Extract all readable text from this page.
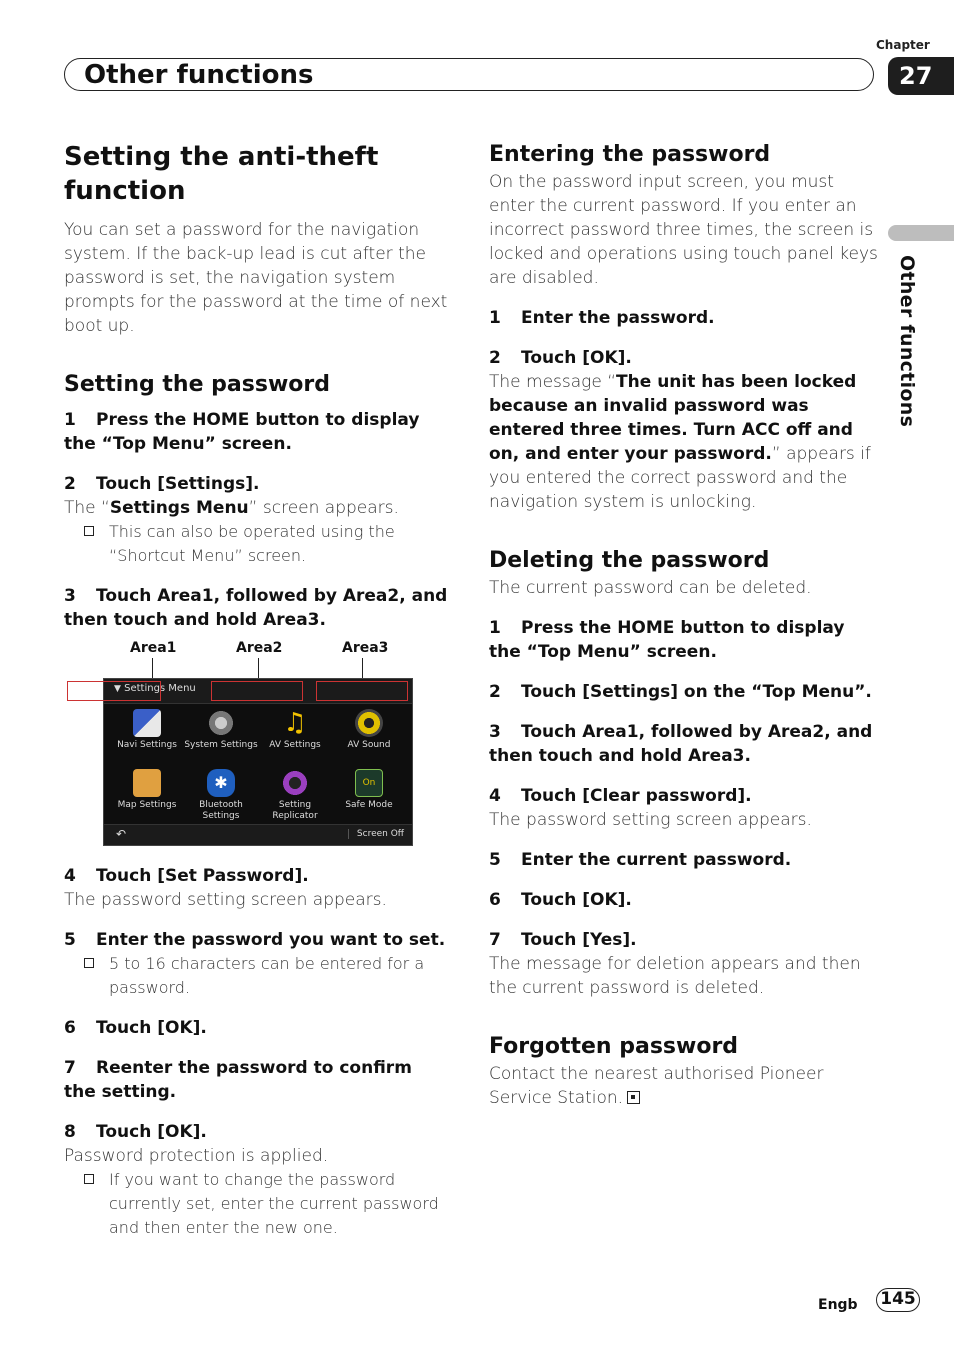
Chapter
27
Other functions
Other functions
Setting the anti-theft function

You can set a password for the navigation system. If the back-up lead is cut after the password is set, the navigation system prompts for the password at the time of next boot up.

Setting the password

1 Press the HOME button to display the “Top Menu” screen.

2 Touch [Settings].

The “Settings Menu” screen appears.

This can also be operated using the “Shortcut Menu” screen.

3 Touch Area1, followed by Area2, and then touch and hold Area3.

Area1	Area2	Area3
▼ Settings Menu
Navi Settings System Settings
♫
AV Settings	AV Sound
Map Settings
✱
Bluetooth Settings
Setting Replicator
On
Safe Mode
↶	Screen Off

4 Touch [Set Password].

The password setting screen appears.

5 Enter the password you want to set.

5 to 16 characters can be entered for a password.

6 Touch [OK].

7 Reenter the password to confirm the setting.

8 Touch [OK].

Password protection is applied.

If you want to change the password currently set, enter the current password and then enter the new one.

Entering the password

On the password input screen, you must enter the current password. If you enter an incorrect password three times, the screen is locked and operations using touch panel keys are disabled.

1 Enter the password.

2 Touch [OK].

The message “The unit has been locked because an invalid password was entered three times. Turn ACC off and on, and enter your password.” appears if you entered the correct password and the navigation system is unlocking.

Deleting the password

The current password can be deleted.

1 Press the HOME button to display the “Top Menu” screen.

2 Touch [Settings] on the “Top Menu”.

3 Touch Area1, followed by Area2, and then touch and hold Area3.

4 Touch [Clear password].

The password setting screen appears.

5 Enter the current password.

6 Touch [OK].

7 Touch [Yes].

The message for deletion appears and then the current password is deleted.

Forgotten password

Contact the nearest authorised Pioneer Service Station.

Engb 145
